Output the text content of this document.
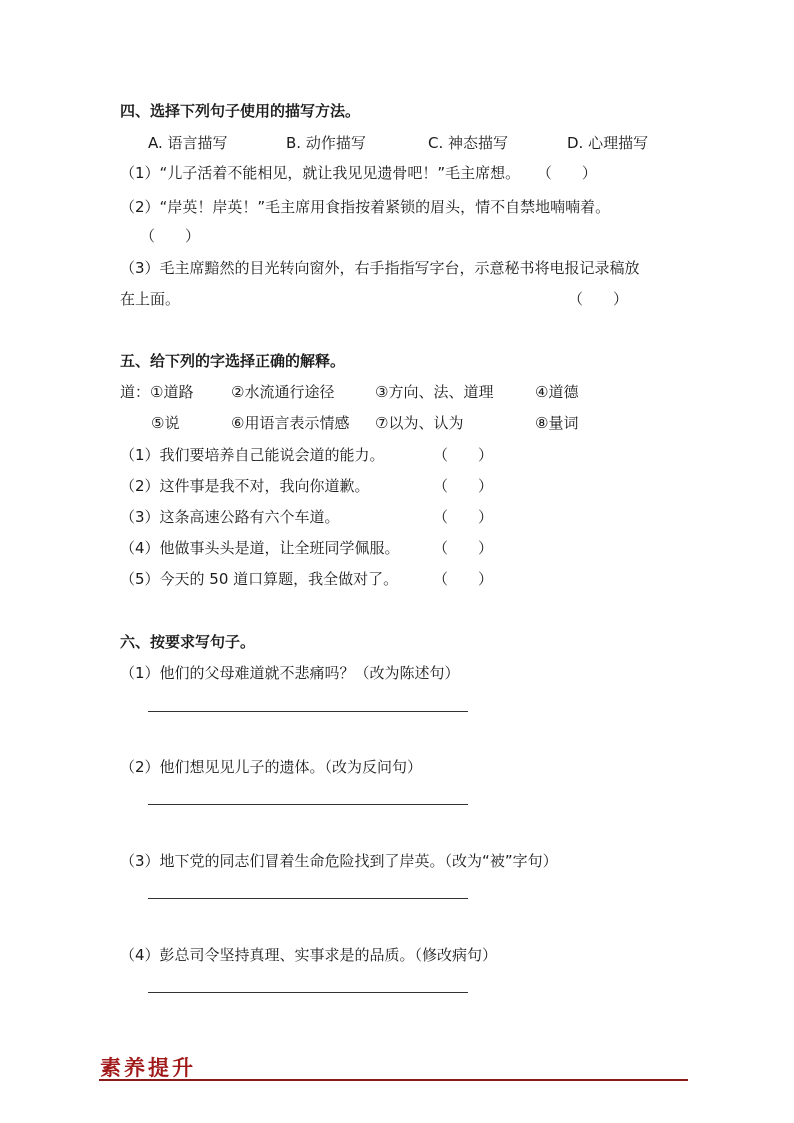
四、选择下列句子使用的描写方法。
A. 语言描写	B. 动作描写	C. 神态描写	D. 心理描写
（1）“儿子活着不能相见，就让我见见遗骨吧！”毛主席想。 （　　）
（2）“岸英！岸英！”毛主席用食指按着紧锁的眉头，情不自禁地喃喃着。
（　　）
（3）毛主席黯然的目光转向窗外，右手指指写字台，示意秘书将电报记录稿放
在上面。	（　　）
五、给下列的字选择正确的解释。
道：①道路	②水流通行途径	③方向、法、道理	④道德
⑤说	⑥用语言表示情感 ⑦以为、认为	⑧量词
（1）我们要培养自己能说会道的能力。	（　　）
（2）这件事是我不对，我向你道歉。	（　　）
（3）这条高速公路有六个车道。	（　　）
（4）他做事头头是道，让全班同学佩服。 （　　）
（5）今天的 50 道口算题，我全做对了。 （　　）
六、按要求写句子。
（1）他们的父母难道就不悲痛吗？（改为陈述句）
（2）他们想见见儿子的遗体。（改为反问句）
（3）地下党的同志们冒着生命危险找到了岸英。（改为“被”字句）
（4）彭总司令坚持真理、实事求是的品质。（修改病句）
素养提升
